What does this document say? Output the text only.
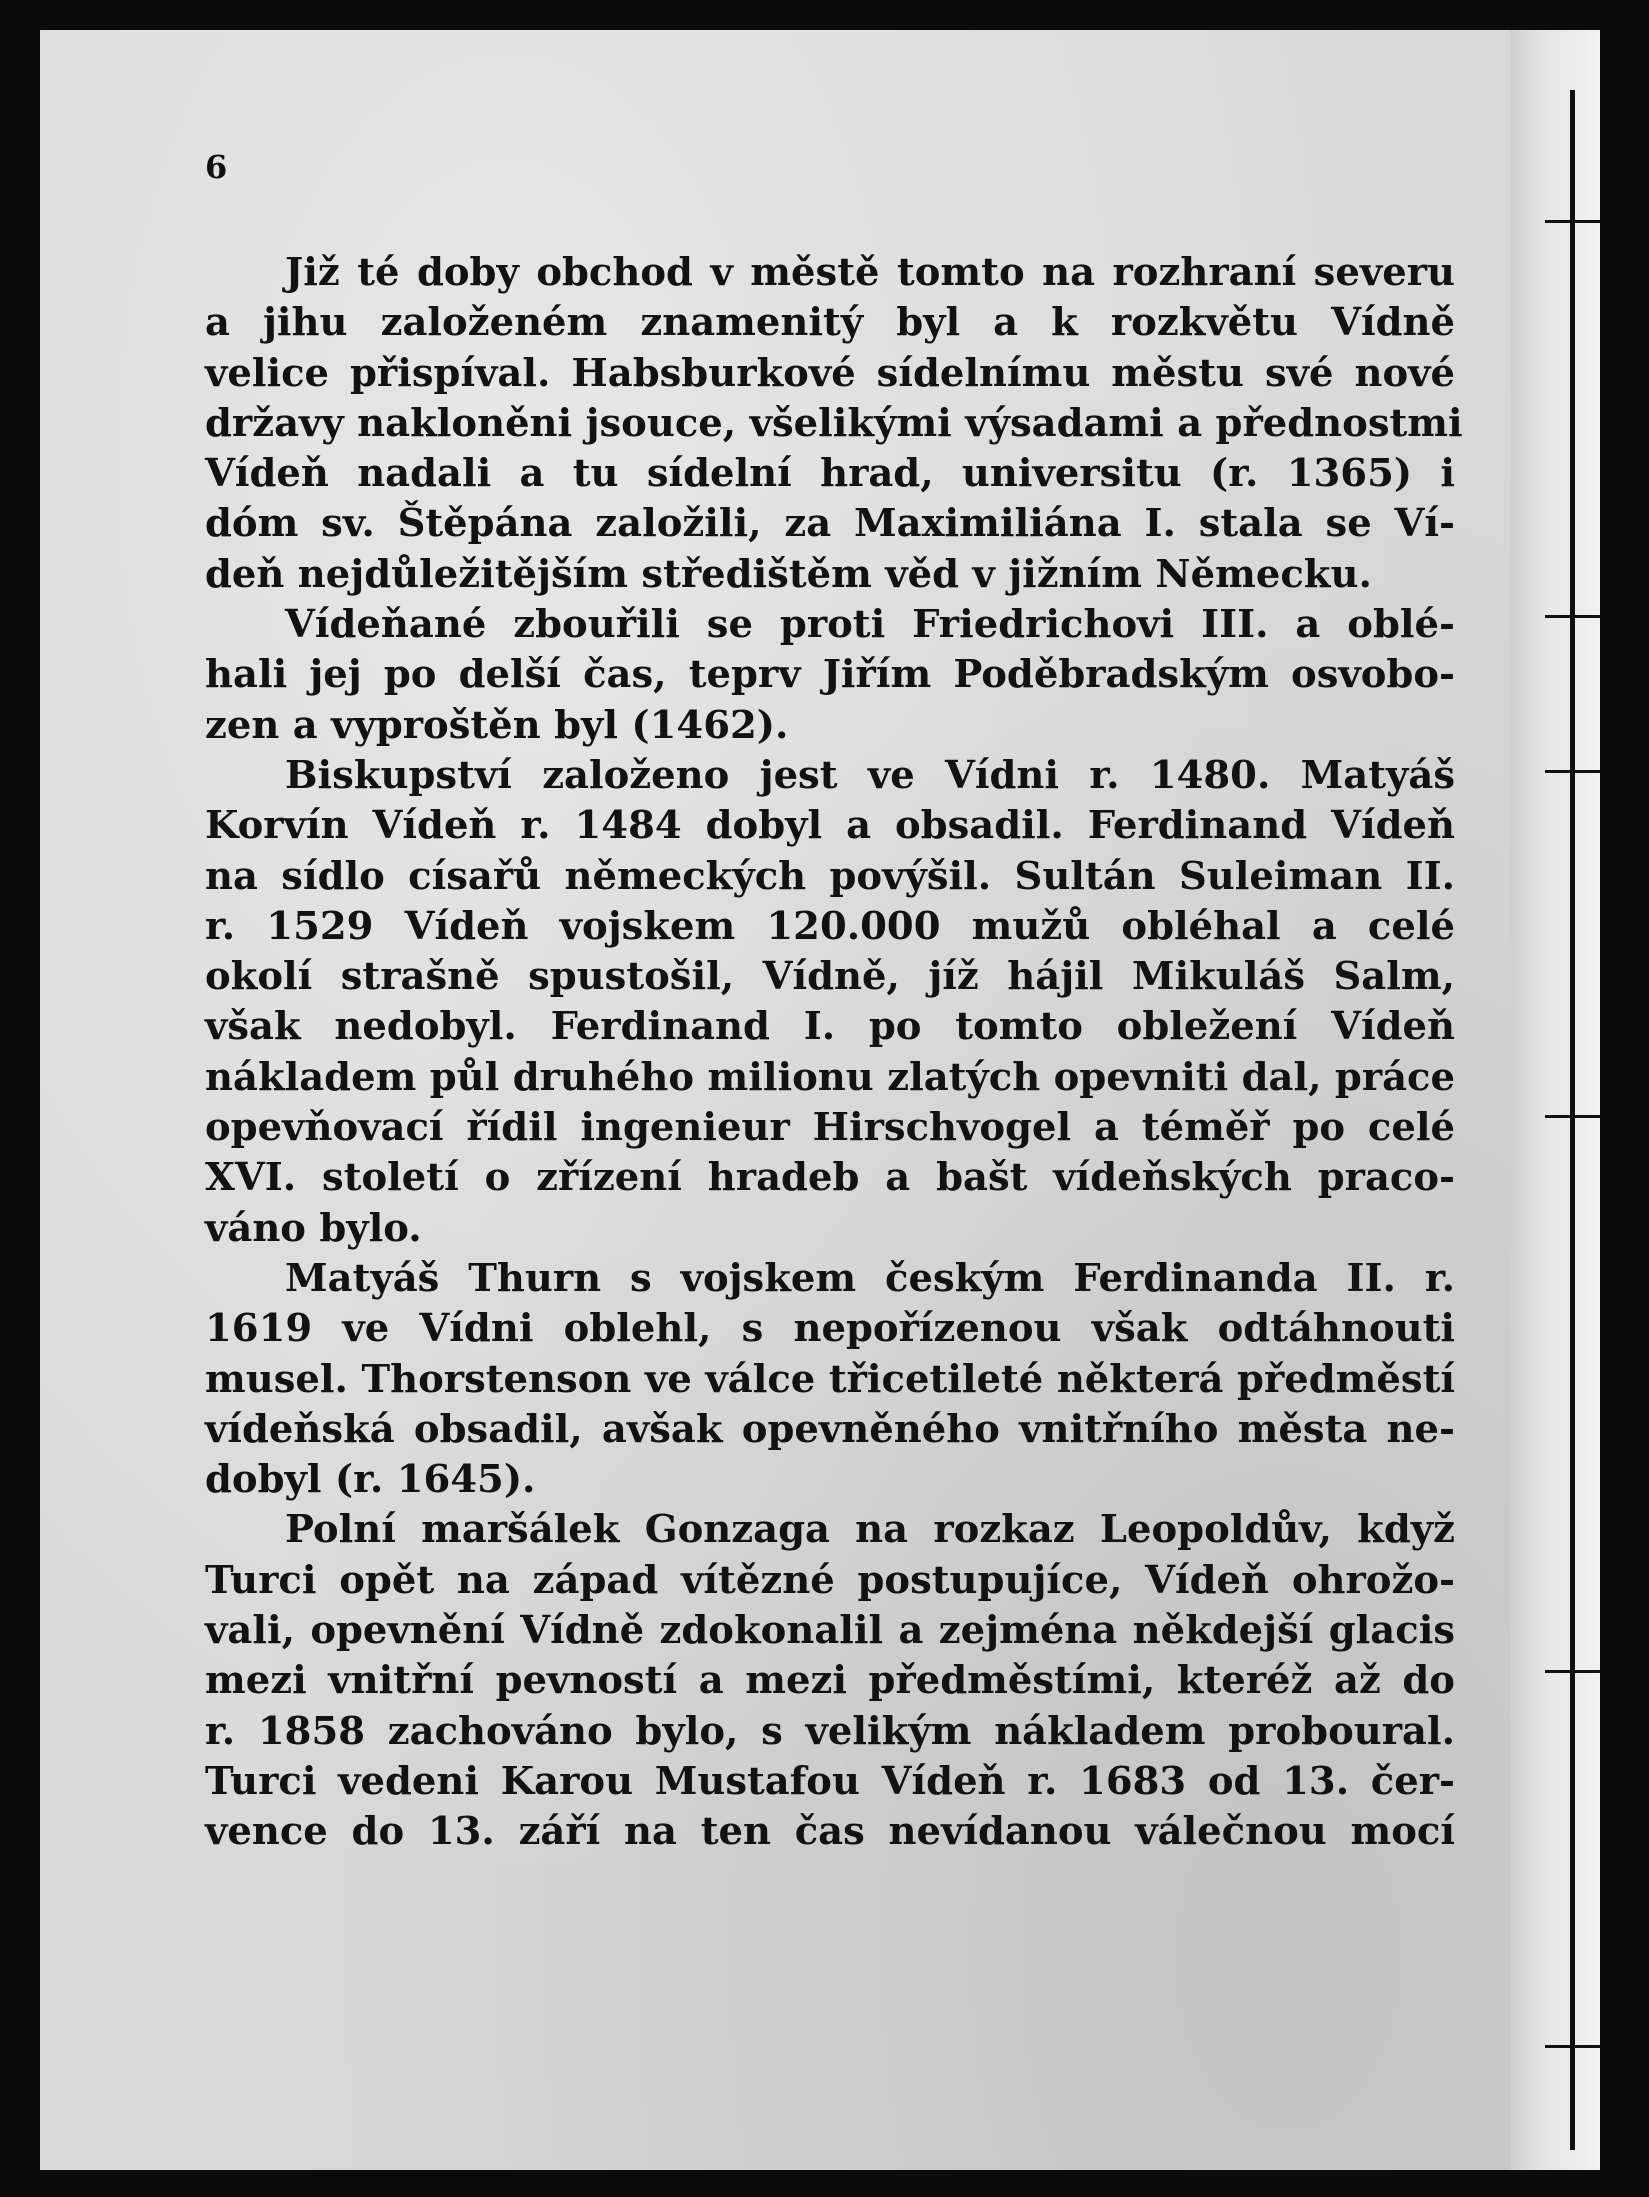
6

Již té doby obchod v městě tomto na rozhraní severu
a jihu založeném znamenitý byl a k rozkvětu Vídně
velice přispíval. Habsburkové sídelnímu městu své nové
državy nakloněni jsouce, všelikými výsadami a přednostmi
Vídeň nadali a tu sídelní hrad, universitu (r. 1365) i
dóm sv. Štěpána založili, za Maximiliána I. stala se Ví-
deň nejdůležitějším středištěm věd v jižním Německu.

Vídeňané zbouřili se proti Friedrichovi III. a oblé-
hali jej po delší čas, teprv Jiřím Poděbradským osvobo-
zen a vyproštěn byl (1462).

Biskupství založeno jest ve Vídni r. 1480. Matyáš
Korvín Vídeň r. 1484 dobyl a obsadil. Ferdinand Vídeň
na sídlo císařů německých povýšil. Sultán Suleiman II.
r. 1529 Vídeň vojskem 120.000 mužů obléhal a celé
okolí strašně spustošil, Vídně, jíž hájil Mikuláš Salm,
však nedobyl. Ferdinand I. po tomto obležení Vídeň
nákladem půl druhého milionu zlatých opevniti dal, práce
opevňovací řídil ingenieur Hirschvogel a téměř po celé
XVI. století o zřízení hradeb a bašt vídeňských praco-
váno bylo.

Matyáš Thurn s vojskem českým Ferdinanda II. r.
1619 ve Vídni oblehl, s nepořízenou však odtáhnouti
musel. Thorstenson ve válce třicetileté některá předměstí
vídeňská obsadil, avšak opevněného vnitřního města ne-
dobyl (r. 1645).

Polní maršálek Gonzaga na rozkaz Leopoldův, když
Turci opět na západ vítězné postupujíce, Vídeň ohrožo-
vali, opevnění Vídně zdokonalil a zejména někdejší glacis
mezi vnitřní pevností a mezi předměstími, kteréž až do
r. 1858 zachováno bylo, s velikým nákladem proboural.
Turci vedeni Karou Mustafou Vídeň r. 1683 od 13. čer-
vence do 13. září na ten čas nevídanou válečnou mocí
